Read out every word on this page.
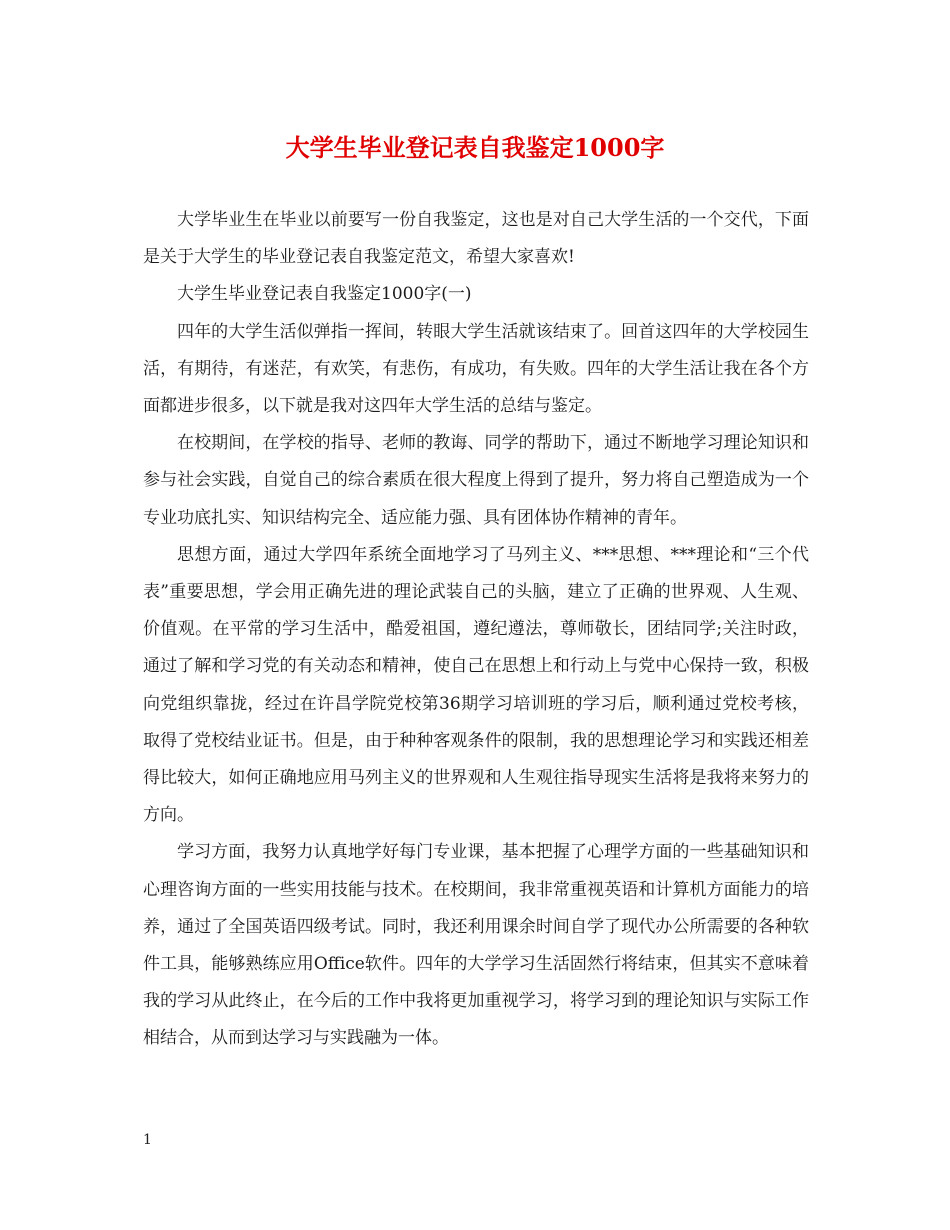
大学生毕业登记表自我鉴定1000字

大学毕业生在毕业以前要写一份自我鉴定，这也是对自己大学生活的一个交代，下面是关于大学生的毕业登记表自我鉴定范文，希望大家喜欢!

大学生毕业登记表自我鉴定1000字(一)

四年的大学生活似弹指一挥间，转眼大学生活就该结束了。回首这四年的大学校园生活，有期待，有迷茫，有欢笑，有悲伤，有成功，有失败。四年的大学生活让我在各个方面都进步很多，以下就是我对这四年大学生活的总结与鉴定。

在校期间，在学校的指导、老师的教诲、同学的帮助下，通过不断地学习理论知识和参与社会实践，自觉自己的综合素质在很大程度上得到了提升，努力将自己塑造成为一个专业功底扎实、知识结构完全、适应能力强、具有团体协作精神的青年。

思想方面，通过大学四年系统全面地学习了马列主义、***思想、***理论和“三个代表”重要思想，学会用正确先进的理论武装自己的头脑，建立了正确的世界观、人生观、价值观。在平常的学习生活中，酷爱祖国，遵纪遵法，尊师敬长，团结同学;关注时政，通过了解和学习党的有关动态和精神，使自己在思想上和行动上与党中心保持一致，积极向党组织靠拢，经过在许昌学院党校第36期学习培训班的学习后，顺利通过党校考核，取得了党校结业证书。但是，由于种种客观条件的限制，我的思想理论学习和实践还相差得比较大，如何正确地应用马列主义的世界观和人生观往指导现实生活将是我将来努力的方向。

学习方面，我努力认真地学好每门专业课，基本把握了心理学方面的一些基础知识和心理咨询方面的一些实用技能与技术。在校期间，我非常重视英语和计算机方面能力的培养，通过了全国英语四级考试。同时，我还利用课余时间自学了现代办公所需要的各种软件工具，能够熟练应用Office软件。四年的大学学习生活固然行将结束，但其实不意味着我的学习从此终止，在今后的工作中我将更加重视学习，将学习到的理论知识与实际工作相结合，从而到达学习与实践融为一体。

1
